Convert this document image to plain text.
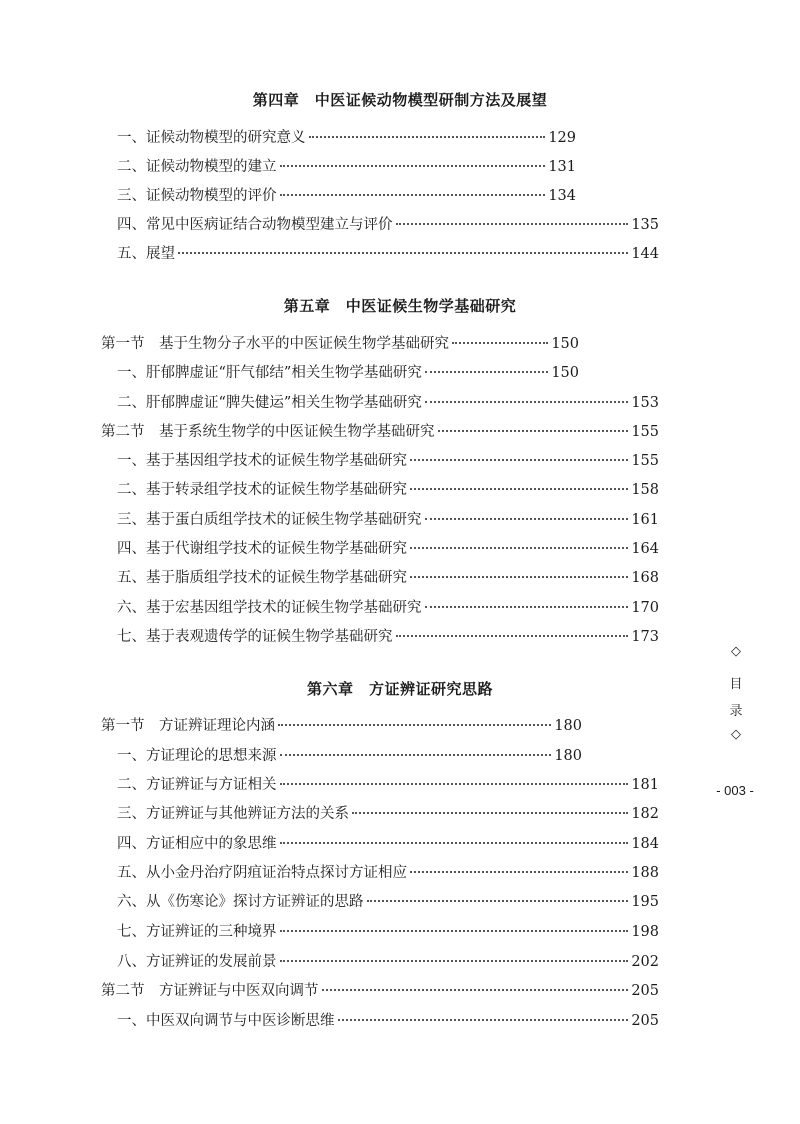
第四章　中医证候动物模型研制方法及展望
一、证候动物模型的研究意义	129
二、证候动物模型的建立	131
三、证候动物模型的评价	134
四、常见中医病证结合动物模型建立与评价	135
五、展望	144
第五章　中医证候生物学基础研究
第一节　基于生物分子水平的中医证候生物学基础研究	150
一、肝郁脾虚证“肝气郁结”相关生物学基础研究	150
二、肝郁脾虚证“脾失健运”相关生物学基础研究	153
第二节　基于系统生物学的中医证候生物学基础研究	155
一、基于基因组学技术的证候生物学基础研究	155
二、基于转录组学技术的证候生物学基础研究	158
三、基于蛋白质组学技术的证候生物学基础研究	161
四、基于代谢组学技术的证候生物学基础研究	164
五、基于脂质组学技术的证候生物学基础研究	168
六、基于宏基因组学技术的证候生物学基础研究	170
七、基于表观遗传学的证候生物学基础研究	173
第六章　方证辨证研究思路
第一节　方证辨证理论内涵	180
一、方证理论的思想来源	180
二、方证辨证与方证相关	181
三、方证辨证与其他辨证方法的关系	182
四、方证相应中的象思维	184
五、从小金丹治疗阴疽证治特点探讨方证相应	188
六、从《伤寒论》探讨方证辨证的思路	195
七、方证辨证的三种境界	198
八、方证辨证的发展前景	202
第二节　方证辨证与中医双向调节	205
一、中医双向调节与中医诊断思维	205
◇
目
录
◇
- 003 -
